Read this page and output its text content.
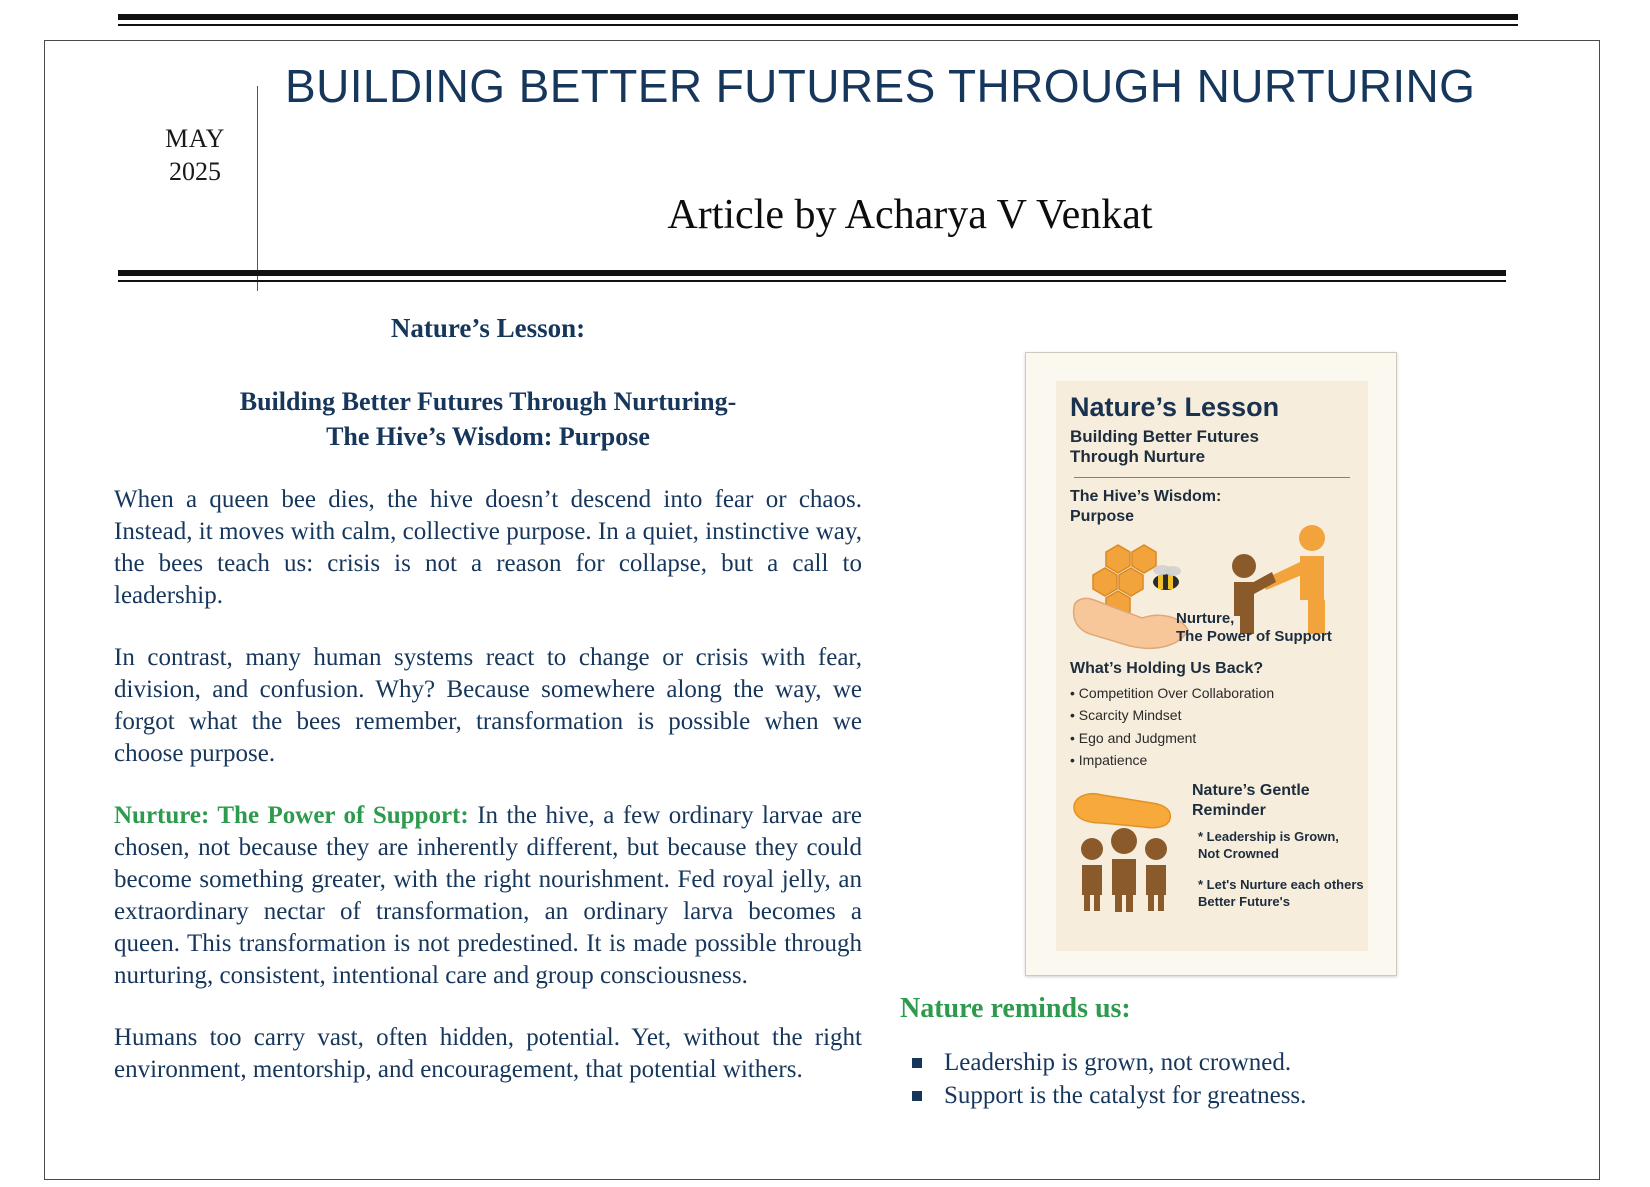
MAY
2025
BUILDING BETTER FUTURES THROUGH NURTURING
Article by Acharya V Venkat
Nature’s Lesson:
Building Better Futures Through Nurturing-
The Hive’s Wisdom: Purpose

When a queen bee dies, the hive doesn’t descend into fear or chaos. Instead, it moves with calm, collective purpose. In a quiet, instinctive way, the bees teach us: crisis is not a reason for collapse, but a call to leadership.

In contrast, many human systems react to change or crisis with fear, division, and confusion. Why? Because somewhere along the way, we forgot what the bees remember, transformation is possible when we choose purpose.

Nurture: The Power of Support: In the hive, a few ordinary larvae are chosen, not because they are inherently different, but because they could become something greater, with the right nourishment. Fed royal jelly, an extraordinary nectar of transformation, an ordinary larva becomes a queen. This transformation is not predestined. It is made possible through nurturing, consistent, intentional care and group consciousness.

Humans too carry vast, often hidden, potential. Yet, without the right environment, mentorship, and encouragement, that potential withers.

Nature’s Lesson
Building Better Futures
Through Nurture
The Hive’s Wisdom:
Purpose
Nurture,
The Power of Support
What’s Holding Us Back?
• Competition Over Collaboration
• Scarcity Mindset
• Ego and Judgment
• Impatience
Nature’s Gentle
Reminder
* Leadership is Grown,
Not Crowned
* Let's Nurture each others
Better Future's
Nature reminds us:
Leadership is grown, not crowned.
Support is the catalyst for greatness.
